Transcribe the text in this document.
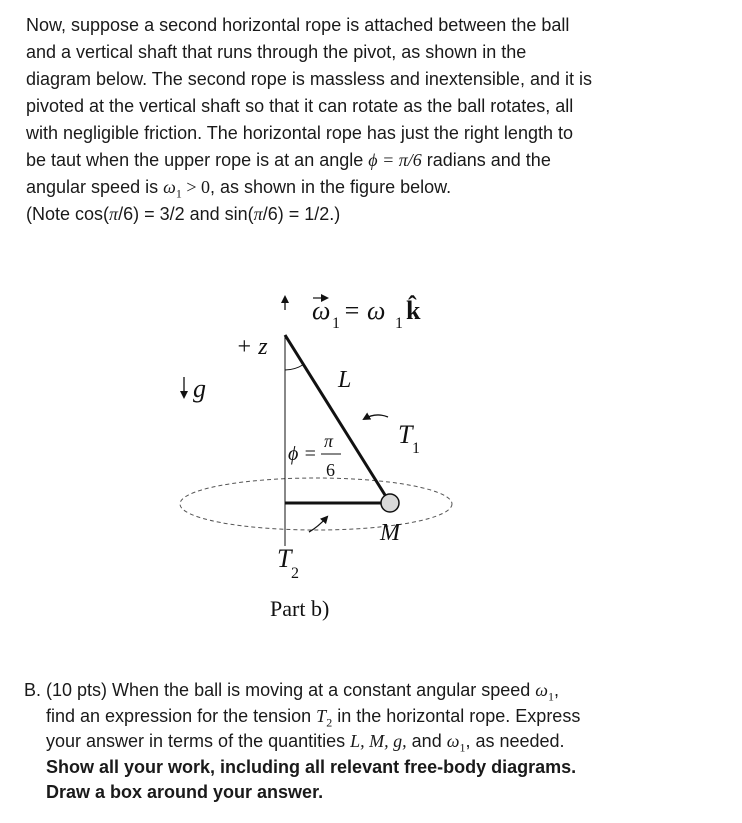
Now, suppose a second horizontal rope is attached between the ball
and a vertical shaft that runs through the pivot, as shown in the
diagram below. The second rope is massless and inextensible, and it is
pivoted at the vertical shaft so that it can rotate as the ball rotates, all
with negligible friction. The horizontal rope has just the right length to
be taut when the upper rope is at an angle ϕ = π/6 radians and the
angular speed is $\omega_1 > 0$, as shown in the figure below.
(Note cos(π/6) = 3/2 and sin(π/6) = 1/2.)
g
ω 1 = ω 1 k̂
+ z
L
ϕ =
π
6
T 1
M
T
2
Part b)
B. (10 pts) When the ball is moving at a constant angular speed $\omega_1$,
find an expression for the tension $T_2$ in the horizontal rope. Express
your answer in terms of the quantities L, M, g, and $\omega_1$, as needed.
Show all your work, including all relevant free-body diagrams.
Draw a box around your answer.
